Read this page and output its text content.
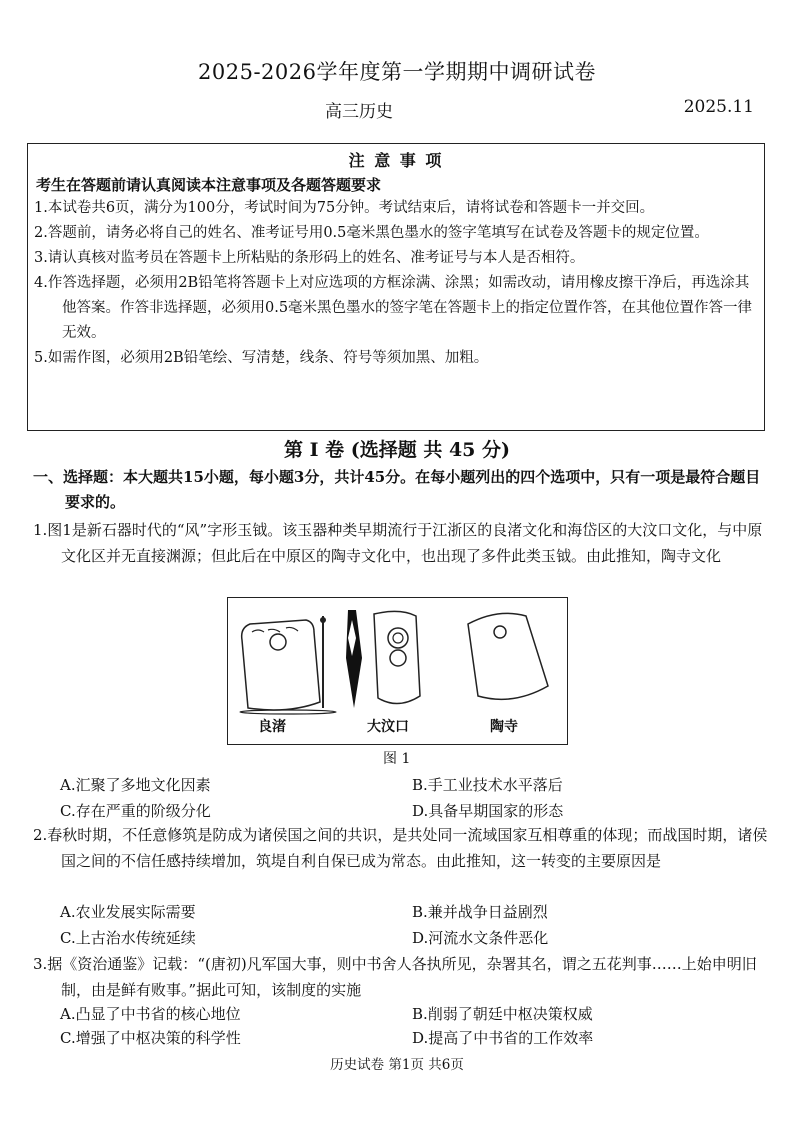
2025-2026学年度第一学期期中调研试卷
高三历史	2025.11
注 意 事 项
考生在答题前请认真阅读本注意事项及各题答题要求
1.本试卷共6页，满分为100分，考试时间为75分钟。考试结束后，请将试卷和答题卡一并交回。
2.答题前，请务必将自己的姓名、准考证号用0.5毫米黑色墨水的签字笔填写在试卷及答题卡的规定位置。
3.请认真核对监考员在答题卡上所粘贴的条形码上的姓名、准考证号与本人是否相符。
4.作答选择题，必须用2B铅笔将答题卡上对应选项的方框涂满、涂黑；如需改动，请用橡皮擦干净后，再选涂其他答案。作答非选择题，必须用0.5毫米黑色墨水的签字笔在答题卡上的指定位置作答，在其他位置作答一律无效。
5.如需作图，必须用2B铅笔绘、写清楚，线条、符号等须加黑、加粗。
第 I 卷 (选择题 共 45 分)
一、选择题：本大题共15小题，每小题3分，共计45分。在每小题列出的四个选项中，只有一项是最符合题目要求的。
1.图1是新石器时代的“风”字形玉钺。该玉器种类早期流行于江浙区的良渚文化和海岱区的大汶口文化，与中原文化区并无直接渊源；但此后在中原区的陶寺文化中，也出现了多件此类玉钺。由此推知，陶寺文化
良渚	大汶口	陶寺
图 1
A.汇聚了多地文化因素	B.手工业技术水平落后
C.存在严重的阶级分化	D.具备早期国家的形态
2.春秋时期，不任意修筑是防成为诸侯国之间的共识，是共处同一流域国家互相尊重的体现；而战国时期，诸侯国之间的不信任感持续增加，筑堤自利自保已成为常态。由此推知，这一转变的主要原因是
A.农业发展实际需要	B.兼并战争日益剧烈
C.上古治水传统延续	D.河流水文条件恶化
3.据《资治通鉴》记载：“(唐初)凡军国大事，则中书舍人各执所见，杂署其名，谓之五花判事……上始申明旧制，由是鲜有败事。”据此可知，该制度的实施
A.凸显了中书省的核心地位	B.削弱了朝廷中枢决策权威
C.增强了中枢决策的科学性	D.提高了中书省的工作效率
历史试卷 第1页 共6页
